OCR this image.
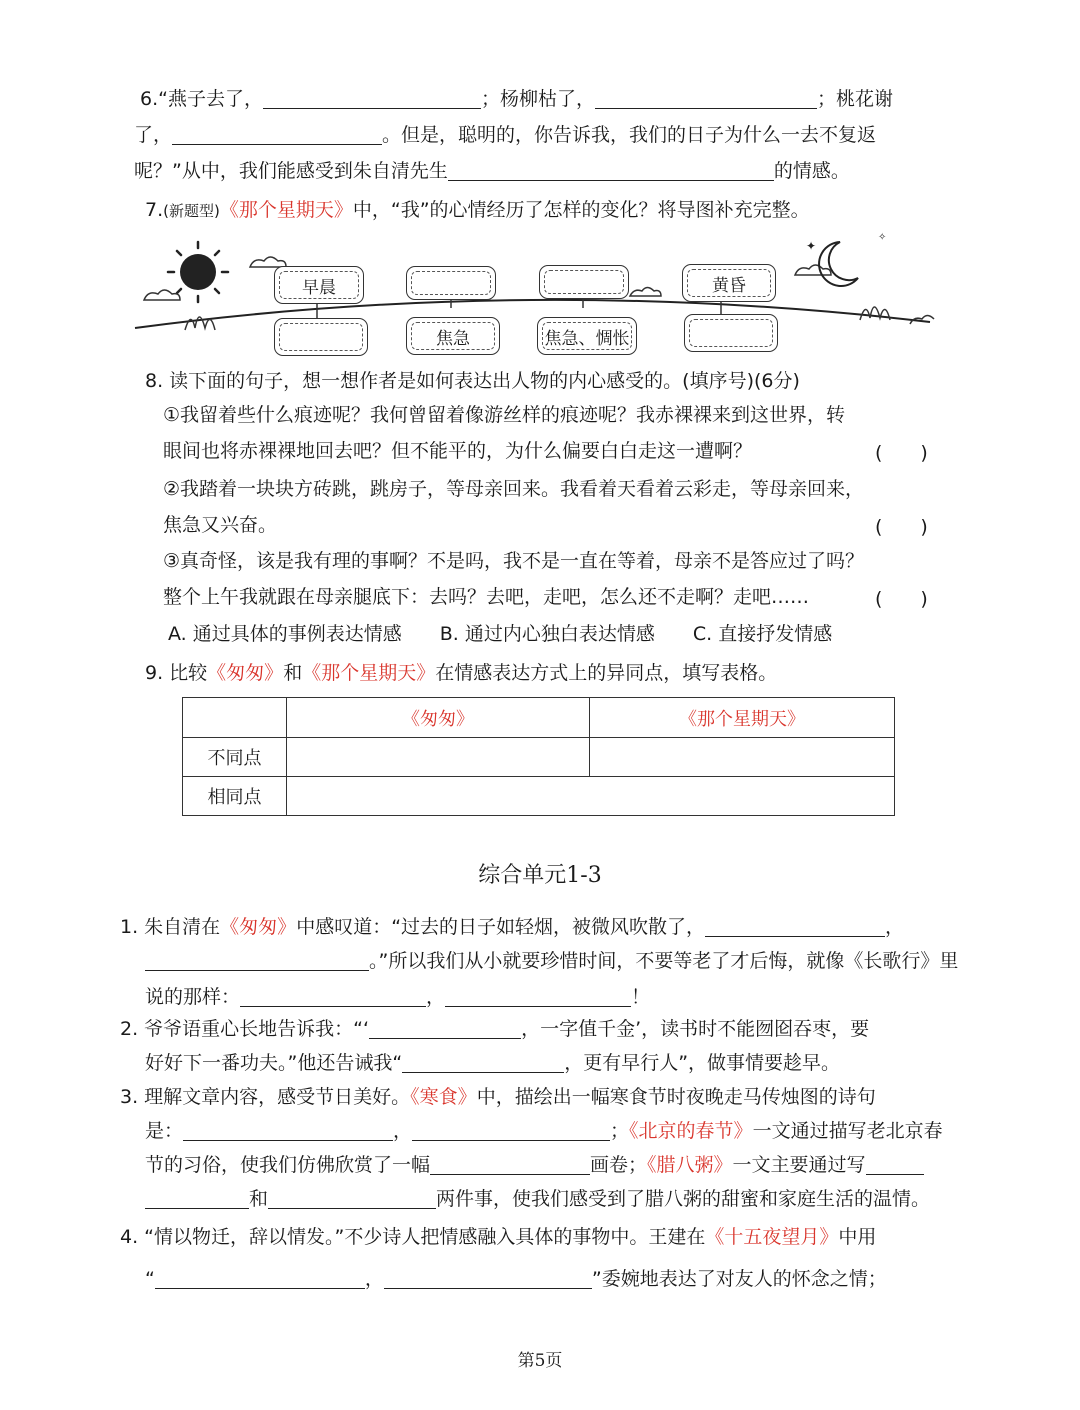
6.“燕子去了，	；杨柳枯了，	；桃花谢
了，	。但是，聪明的，你告诉我，我们的日子为什么一去不复返
呢？”从中，我们能感受到朱自清先生	的情感。
7.(新题型)《那个星期天》中，“我”的心情经历了怎样的变化？将导图补充完整。
✦
✧
早晨	黄昏
焦急	焦急、惆怅
8. 读下面的句子，想一想作者是如何表达出人物的内心感受的。(填序号)(6分)
①我留着些什么痕迹呢？我何曾留着像游丝样的痕迹呢？我赤裸裸来到这世界，转
眼间也将赤裸裸地回去吧？但不能平的，为什么偏要白白走这一遭啊？	(　　)
②我踏着一块块方砖跳，跳房子，等母亲回来。我看着天看着云彩走，等母亲回来，
焦急又兴奋。	(　　)
③真奇怪，该是我有理的事啊？不是吗，我不是一直在等着，母亲不是答应过了吗？
整个上午我就跟在母亲腿底下：去吗？去吧，走吧，怎么还不走啊？走吧……	(　　)
A. 通过具体的事例表达情感　　B. 通过内心独白表达情感　　C. 直接抒发情感
9. 比较《匆匆》和《那个星期天》在情感表达方式上的异同点，填写表格。
	《匆匆》	《那个星期天》
不同点		
相同点		
综合单元1-3
1. 朱自清在《匆匆》中感叹道：“过去的日子如轻烟，被微风吹散了，	，
。”所以我们从小就要珍惜时间，不要等老了才后悔，就像《长歌行》里
说的那样：	，	！
2. 爷爷语重心长地告诉我：“‘	，一字值千金’，读书时不能囫囵吞枣，要
好好下一番功夫。”他还告诫我“	，更有早行人”，做事情要趁早。
3. 理解文章内容，感受节日美好。《寒食》中，描绘出一幅寒食节时夜晚走马传烛图的诗句
是：	，	；《北京的春节》一文通过描写老北京春
节的习俗，使我们仿佛欣赏了一幅	画卷；《腊八粥》一文主要通过写
和	两件事，使我们感受到了腊八粥的甜蜜和家庭生活的温情。
4. “情以物迁，辞以情发。”不少诗人把情感融入具体的事物中。王建在《十五夜望月》中用
“	，	”委婉地表达了对友人的怀念之情；
第5页
